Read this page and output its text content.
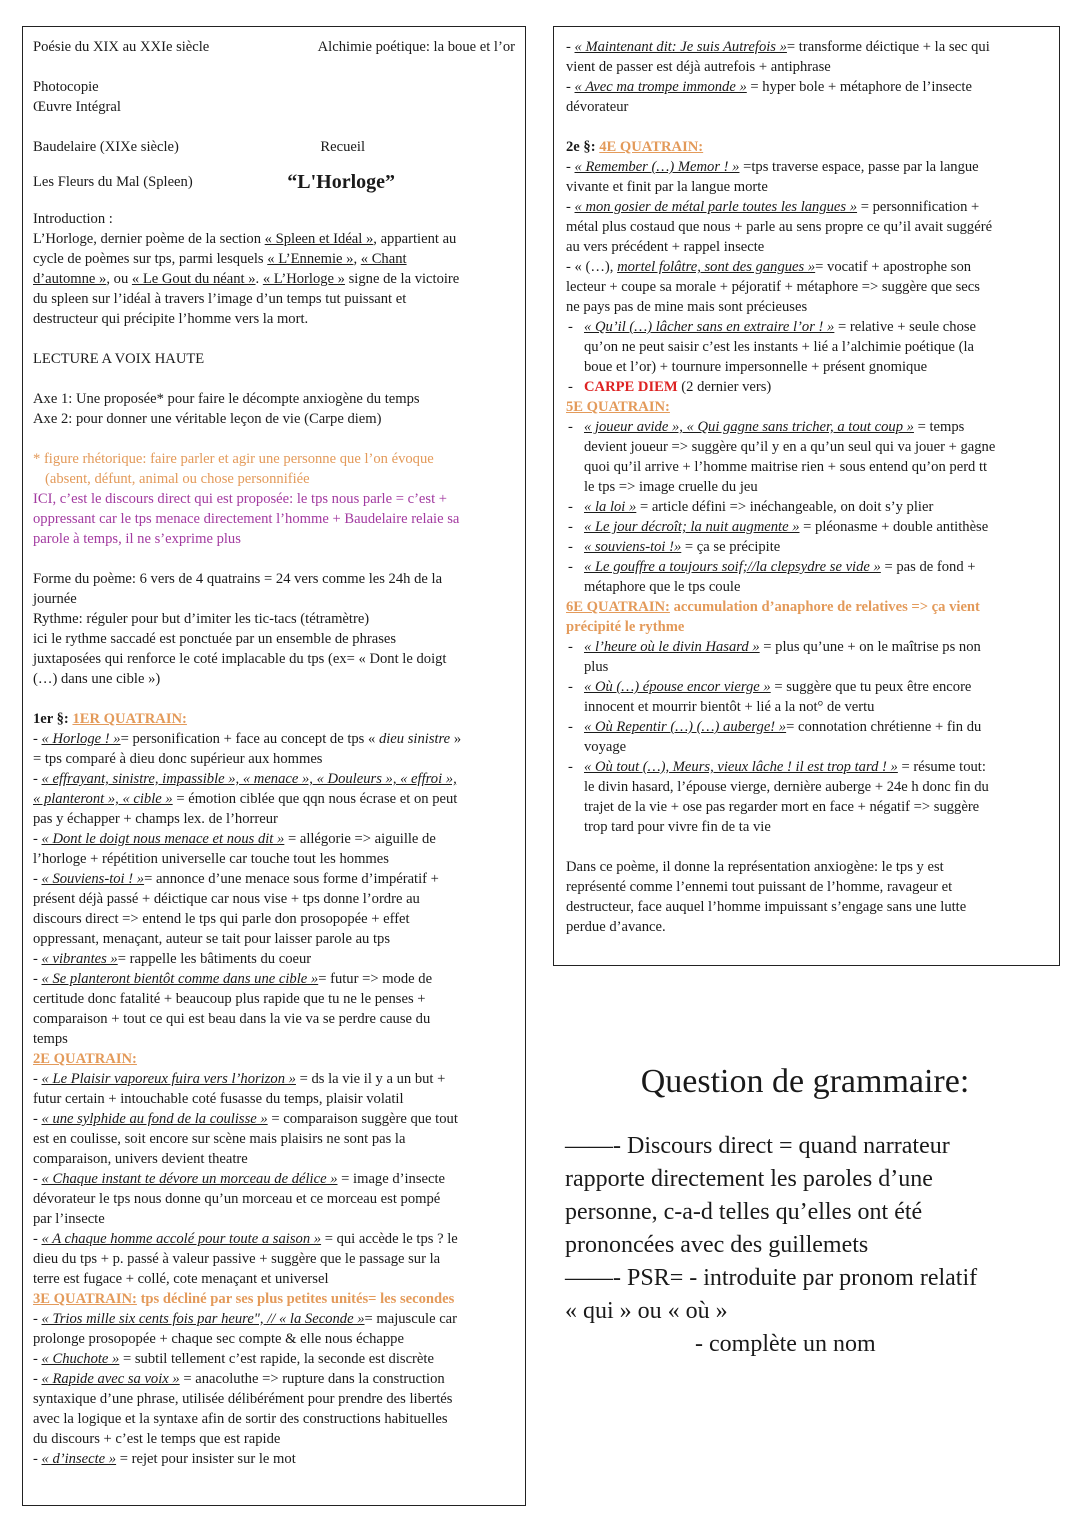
Poésie du XIX au XXIe siècle	Alchimie poétique: la boue et l’or
Photocopie
Œuvre Intégral
Baudelaire (XIXe siècle)	Recueil
Les Fleurs du Mal (Spleen)	“L'Horloge”
Introduction :
L’Horloge, dernier poème de la section « Spleen et Idéal », appartient au
cycle de poèmes sur tps, parmi lesquels « L’Ennemie », « Chant
d’automne », ou « Le Gout du néant ». « L’Horloge » signe de la victoire
du spleen sur l’idéal à travers l’image d’un temps tut puissant et
destructeur qui précipite l’homme vers la mort.
LECTURE A VOIX HAUTE
Axe 1: Une proposée* pour faire le décompte anxiogène du temps
Axe 2: pour donner une véritable leçon de vie (Carpe diem)
* figure rhétorique: faire parler et agir une personne que l’on évoque
(absent, défunt, animal ou chose personnifiée
ICI, c’est le discours direct qui est proposée: le tps nous parle = c’est +
oppressant car le tps menace directement l’homme + Baudelaire relaie sa
parole à temps, il ne s’exprime plus
Forme du poème: 6 vers de 4 quatrains = 24 vers comme les 24h de la
journée
Rythme: réguler pour but d’imiter les tic-tacs (tétramètre)
ici le rythme saccadé est ponctuée par un ensemble de phrases
juxtaposées qui renforce le coté implacable du tps (ex= « Dont le doigt
(…) dans une cible »)
1er §: 1ER QUATRAIN:
- « Horloge ! »= personification + face au concept de tps « dieu sinistre »
= tps comparé à dieu donc supérieur aux hommes
- « effrayant, sinistre, impassible », « menace », « Douleurs », « effroi »,
« planteront », « cible » = émotion ciblée que qqn nous écrase et on peut
pas y échapper + champs lex. de l’horreur
- « Dont le doigt nous menace et nous dit » = allégorie => aiguille de
l’horloge + répétition universelle car touche tout les hommes
- « Souviens-toi ! »= annonce d’une menace sous forme d’impératif +
présent déjà passé + déictique car nous vise + tps donne l’ordre au
discours direct => entend le tps qui parle don prosopopée + effet
oppressant, menaçant, auteur se tait pour laisser parole au tps
- « vibrantes »= rappelle les bâtiments du coeur
- « Se planteront bientôt comme dans une cible »= futur => mode de
certitude donc fatalité + beaucoup plus rapide que tu ne le penses +
comparaison + tout ce qui est beau dans la vie va se perdre cause du
temps
2E QUATRAIN:
- « Le Plaisir vaporeux fuira vers l’horizon » = ds la vie il y a un but +
futur certain + intouchable coté fusasse du temps, plaisir volatil
- « une sylphide au fond de la coulisse » = comparaison suggère que tout
est en coulisse, soit encore sur scène mais plaisirs ne sont pas la
comparaison, univers devient theatre
- « Chaque instant te dévore un morceau de délice » = image d’insecte
dévorateur le tps nous donne qu’un morceau et ce morceau est pompé
par l’insecte
- « A chaque homme accolé pour toute a saison » = qui accède le tps ? le
dieu du tps + p. passé à valeur passive + suggère que le passage sur la
terre est fugace + collé, cote menaçant et universel
3E QUATRAIN: tps décliné par ses plus petites unités= les secondes
- « Trios mille six cents fois par heure", // « la Seconde »= majuscule car
prolonge prosopopée + chaque sec compte & elle nous échappe
- « Chuchote » = subtil tellement c’est rapide, la seconde est discrète
- « Rapide avec sa voix » = anacoluthe => rupture dans la construction
syntaxique d’une phrase, utilisée délibérément pour prendre des libertés
avec la logique et la syntaxe afin de sortir des constructions habituelles
du discours + c’est le temps que est rapide
- « d’insecte » = rejet pour insister sur le mot
- « Maintenant dit: Je suis Autrefois »= transforme déictique + la sec qui
vient de passer est déjà autrefois + antiphrase
- « Avec ma trompe immonde » = hyper bole + métaphore de l’insecte
dévorateur
2e §: 4E QUATRAIN:
- « Remember (…) Memor ! » =tps traverse espace, passe par la langue
vivante et finit par la langue morte
- « mon gosier de métal parle toutes les langues » = personnification +
métal plus costaud que nous + parle au sens propre ce qu’il avait suggéré
au vers précédent + rappel insecte
- « (…), mortel folâtre, sont des gangues »= vocatif + apostrophe son
lecteur + coupe sa morale + péjoratif + métaphore => suggère que secs
ne pays pas de mine mais sont précieuses
- « Qu’il (…) lâcher sans en extraire l’or ! » = relative + seule chose
qu’on ne peut saisir c’est les instants + lié a l’alchimie poétique (la
boue et l’or) + tournure impersonnelle + présent gnomique
- CARPE DIEM (2 dernier vers)
5E QUATRAIN:
- « joueur avide », « Qui gagne sans tricher, a tout coup » = temps
devient joueur => suggère qu’il y en a qu’un seul qui va jouer + gagne
quoi qu’il arrive + l’homme maitrise rien + sous entend qu’on perd tt
le tps => image cruelle du jeu
- « la loi » = article défini => inéchangeable, on doit s’y plier
- « Le jour décroît; la nuit augmente » = pléonasme + double antithèse
- « souviens-toi !» = ça se précipite
- « Le gouffre a toujours soif;//la clepsydre se vide » = pas de fond +
métaphore que le tps coule
6E QUATRAIN: accumulation d’anaphore de relatives => ça vient
précipité le rythme
- « l’heure où le divin Hasard » = plus qu’une + on le maîtrise ps non
plus
- « Où (…) épouse encor vierge » = suggère que tu peux être encore
innocent et mourrir bientôt + lié a la not° de vertu
- « Où Repentir (…) (…) auberge! »= connotation chrétienne + fin du
voyage
- « Où tout (…), Meurs, vieux lâche ! il est trop tard ! » = résume tout:
le divin hasard, l’épouse vierge, dernière auberge + 24e h donc fin du
trajet de la vie + ose pas regarder mort en face + négatif => suggère
trop tard pour vivre fin de ta vie
Dans ce poème, il donne la représentation anxiogène: le tps y est
représenté comme l’ennemi tout puissant de l’homme, ravageur et
destructeur, face auquel l’homme impuissant s’engage sans une lutte
perdue d’avance.
Question de grammaire:
——- Discours direct = quand narrateur
rapporte directement les paroles d’une
personne, c-a-d telles qu’elles ont été
prononcées avec des guillemets
——- PSR= - introduite par pronom relatif
« qui » ou « où »
- complète un nom
